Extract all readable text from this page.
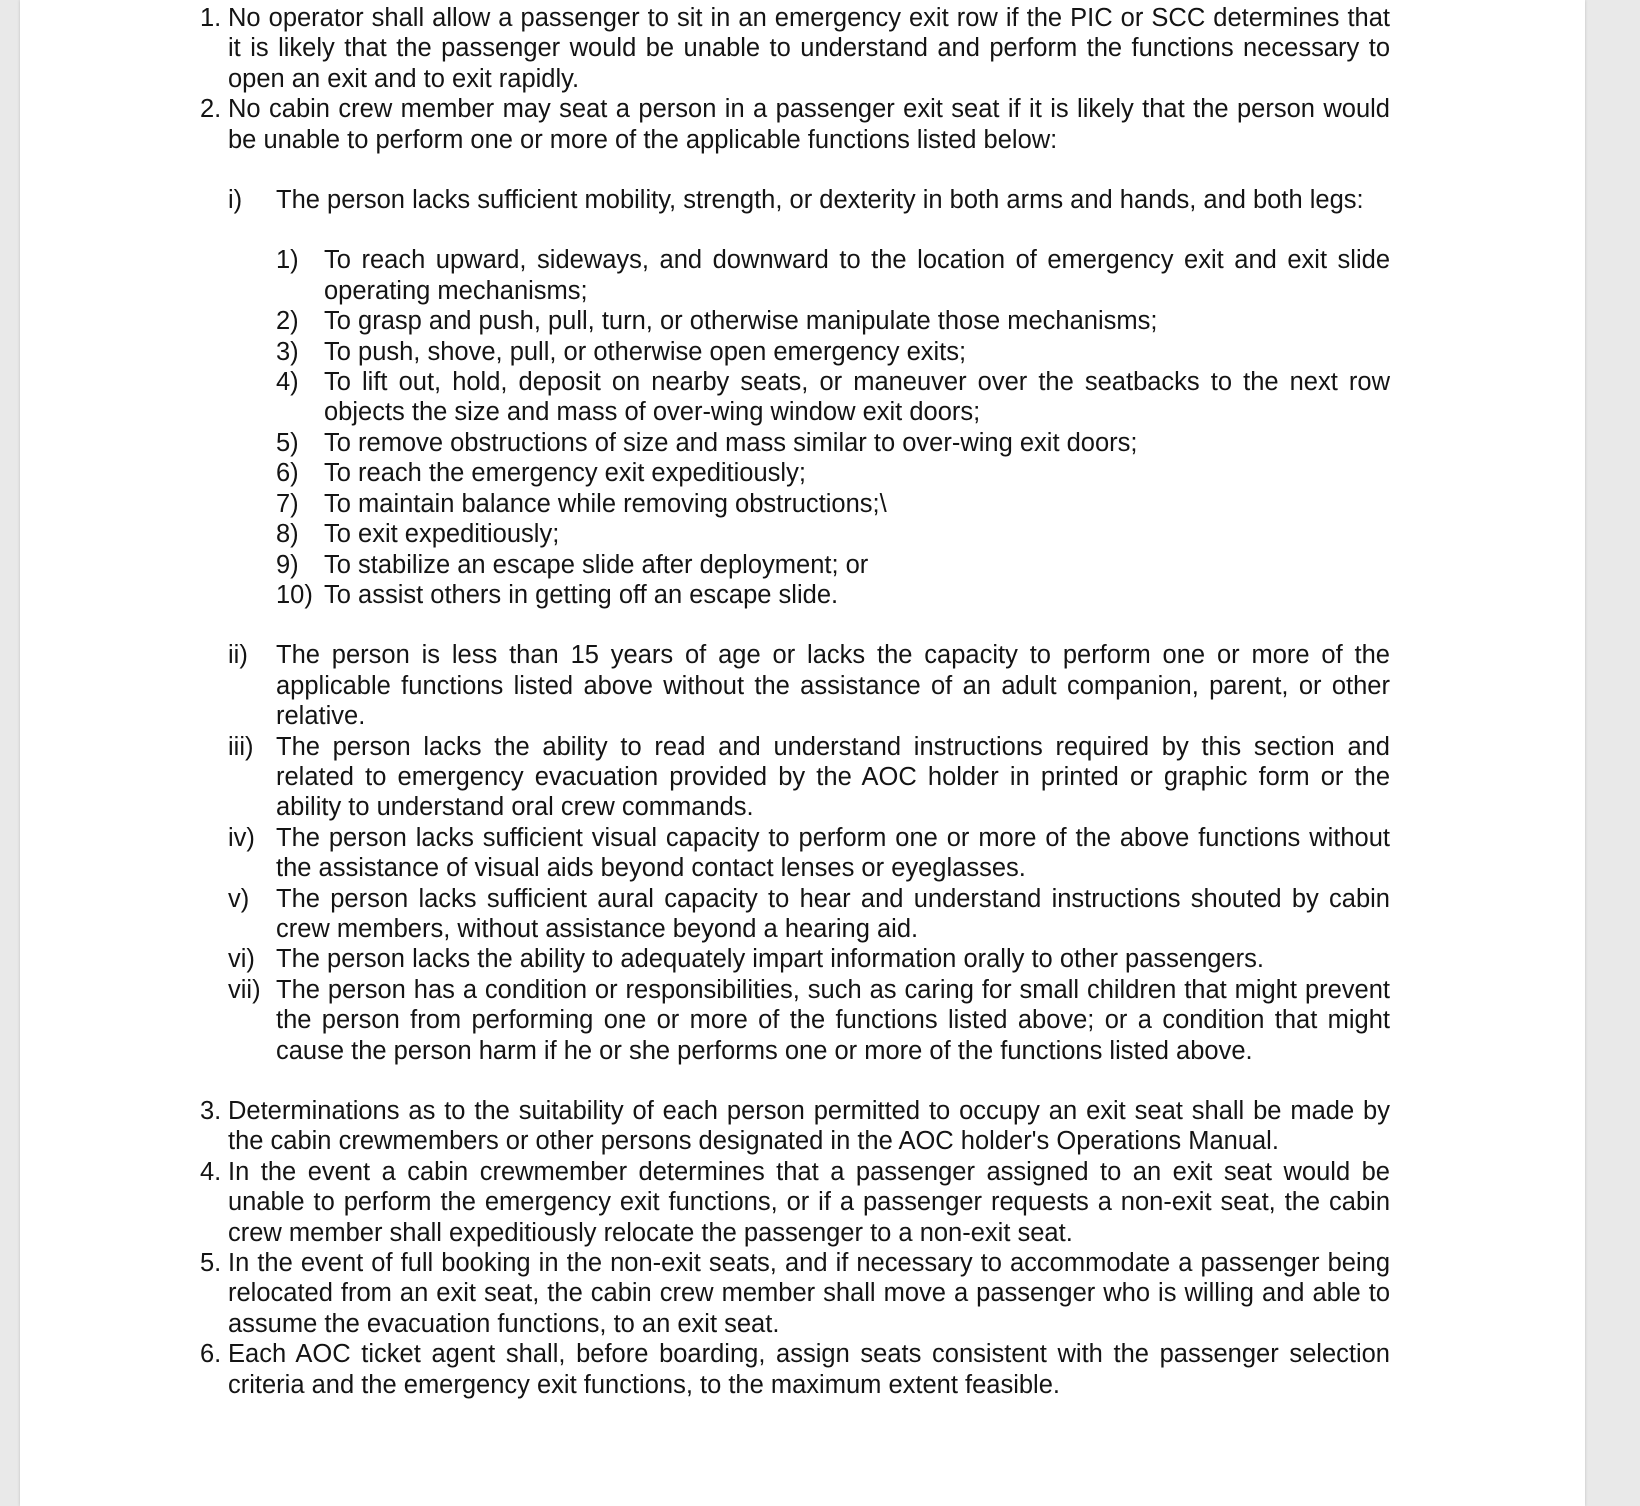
1. No operator shall allow a passenger to sit in an emergency exit row if the PIC or SCC determines that it is likely that the passenger would be unable to understand and perform the functions necessary to open an exit and to exit rapidly.
2. No cabin crew member may seat a person in a passenger exit seat if it is likely that the person would be unable to perform one or more of the applicable functions listed below:
i) The person lacks sufficient mobility, strength, or dexterity in both arms and hands, and both legs:
1) To reach upward, sideways, and downward to the location of emergency exit and exit slide operating mechanisms;
2) To grasp and push, pull, turn, or otherwise manipulate those mechanisms;
3) To push, shove, pull, or otherwise open emergency exits;
4) To lift out, hold, deposit on nearby seats, or maneuver over the seatbacks to the next row objects the size and mass of over-wing window exit doors;
5) To remove obstructions of size and mass similar to over-wing exit doors;
6) To reach the emergency exit expeditiously;
7) To maintain balance while removing obstructions;\
8) To exit expeditiously;
9) To stabilize an escape slide after deployment; or
10) To assist others in getting off an escape slide.
ii) The person is less than 15 years of age or lacks the capacity to perform one or more of the applicable functions listed above without the assistance of an adult companion, parent, or other relative.
iii) The person lacks the ability to read and understand instructions required by this section and related to emergency evacuation provided by the AOC holder in printed or graphic form or the ability to understand oral crew commands.
iv) The person lacks sufficient visual capacity to perform one or more of the above functions without the assistance of visual aids beyond contact lenses or eyeglasses.
v) The person lacks sufficient aural capacity to hear and understand instructions shouted by cabin crew members, without assistance beyond a hearing aid.
vi) The person lacks the ability to adequately impart information orally to other passengers.
vii) The person has a condition or responsibilities, such as caring for small children that might prevent the person from performing one or more of the functions listed above; or a condition that might cause the person harm if he or she performs one or more of the functions listed above.
3. Determinations as to the suitability of each person permitted to occupy an exit seat shall be made by the cabin crewmembers or other persons designated in the AOC holder's Operations Manual.
4. In the event a cabin crewmember determines that a passenger assigned to an exit seat would be unable to perform the emergency exit functions, or if a passenger requests a non-exit seat, the cabin crew member shall expeditiously relocate the passenger to a non-exit seat.
5. In the event of full booking in the non-exit seats, and if necessary to accommodate a passenger being relocated from an exit seat, the cabin crew member shall move a passenger who is willing and able to assume the evacuation functions, to an exit seat.
6. Each AOC ticket agent shall, before boarding, assign seats consistent with the passenger selection criteria and the emergency exit functions, to the maximum extent feasible.
